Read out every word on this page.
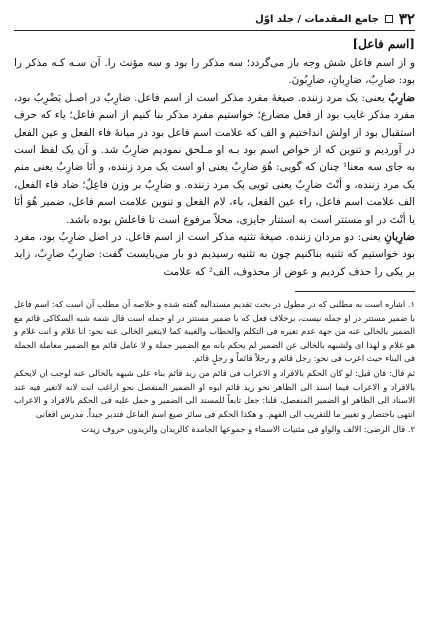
۳۲
جامع المقدمات / جلد اوّل
[اسم فاعل]

و از اسم فاعل شش وجه باز می‌گردد؛ سه مذکر را بود و سه مؤنث را. آن سـه کـه مذکر را بود: ضارِبٌ، ضارِبانِ، ضارِبُونَ.

ضارِبٌ یعنی: یک مرد زننده. صیغهٔ مفرد مذکر است از اسم فاعل. ضارِبٌ در اصـل یَضْرِبُ بود، مفرد مذکر غایب بود از فعل مضارع؛ خواستیم مفرد مذکر بنا کنیم از اسم فاعل؛ یاء که حرف استقبال بود از اولش انداختیم و الف که علامت اسم فاعل بود در میانهٔ فاء الفعل و عین الفعل در آوردیم و تنوین که از خواص اسم بود بـه او مـلحق نمودیم ضارِبٌ شد. و آن یک لفظ است به جای سه معنا¹ چنان که گویی: هُوَ ضارِبٌ یعنی او است یک مرد زننده، و أنَا ضارِبٌ یعنی منم یک مرد زننده، و أنْتَ ضارِبٌ یعنی تویی یک مرد زننده. و ضارِبٌ بر وزن فاعِلٌ؛ ضاد فاء الفعل، الف علامت اسم فاعل، راء عین الفعل، باء، لام الفعل و تنوین علامت اسم فاعل، ضمیر هُوَ أنَا یا أنْتَ در او مستتر است به استتار جایزی، محلاً مرفوع است تا فاعلش بوده باشد.

ضارِبانِ یعنی: دو مردان زننده. صیغهٔ تثنیه مذکر است از اسم فاعل. در اصل ضارِبٌ بود، مفرد بود خواستیم که تثنیه بناکنیم چون به تثنیه رسیدیم دو بار می‌بایست گفت: ضارِبٌ ضارِبٌ، زاید بر یکی را حذف کردیم و عوض از محذوف، الف² که علامت

۱. اشاره است به مطلبی که در مطول در بحث تقدیم مسندالیه گفته شده و خلاصه آن مطلب آن است که: اسم فاعل با ضمیر مستتر در او جمله نیست، برخلاف فعل که با ضمیر مستتر در او جمله است قال شمة شبه السکاکی قائم مع الضمیر بالخالی عنه من جهة عدم تغیره فی التکلم والخطاب والغیبة کما لایتغیر الخالی عنه نحو: انا غلام و انت غلام و هو غلام و لهذا ای ولشبهه بالخالی عن الضمیر لم یحکم بانه مع الضمیر جملة و لا عامل قائم مع الضمیر معاملة الجملة فی البناء حیث اعرب فی نحو: رجل قائم و رجلاً قائماً و رجلٍ قائم.

ثم قال: فان قیل: لو کان الحکم بالافراد و الاعراب فی قائم من زید قائم بناء علی شبهه بالخالی عنه لوجب ان لایحکم بالافراد و الاعراب فیما اسند الی الظاهر نحو زید قائم ابوه او الضمیر المنفصل نحو اراغب انت لانه لاتغیر فیه عند الاسناد الی الظاهر او الضمیر المنفصل، قلنا: جعل تابعاً للمسند الی الضمیر و حمل علیه فی الحکم بالافراد و الاعراب انتهی باختصار و تغییر ما للتقریب الی الفهم. و هکذا الحکم فی سائر صیغ اسم الفاعل فتدبر جیداً. مدرس افغانی

۲. قال الرضی: الالف والواو فی مثنیات الاسماء و جموعها الجامدة کالزیدان والزیدون حروف زیدت
